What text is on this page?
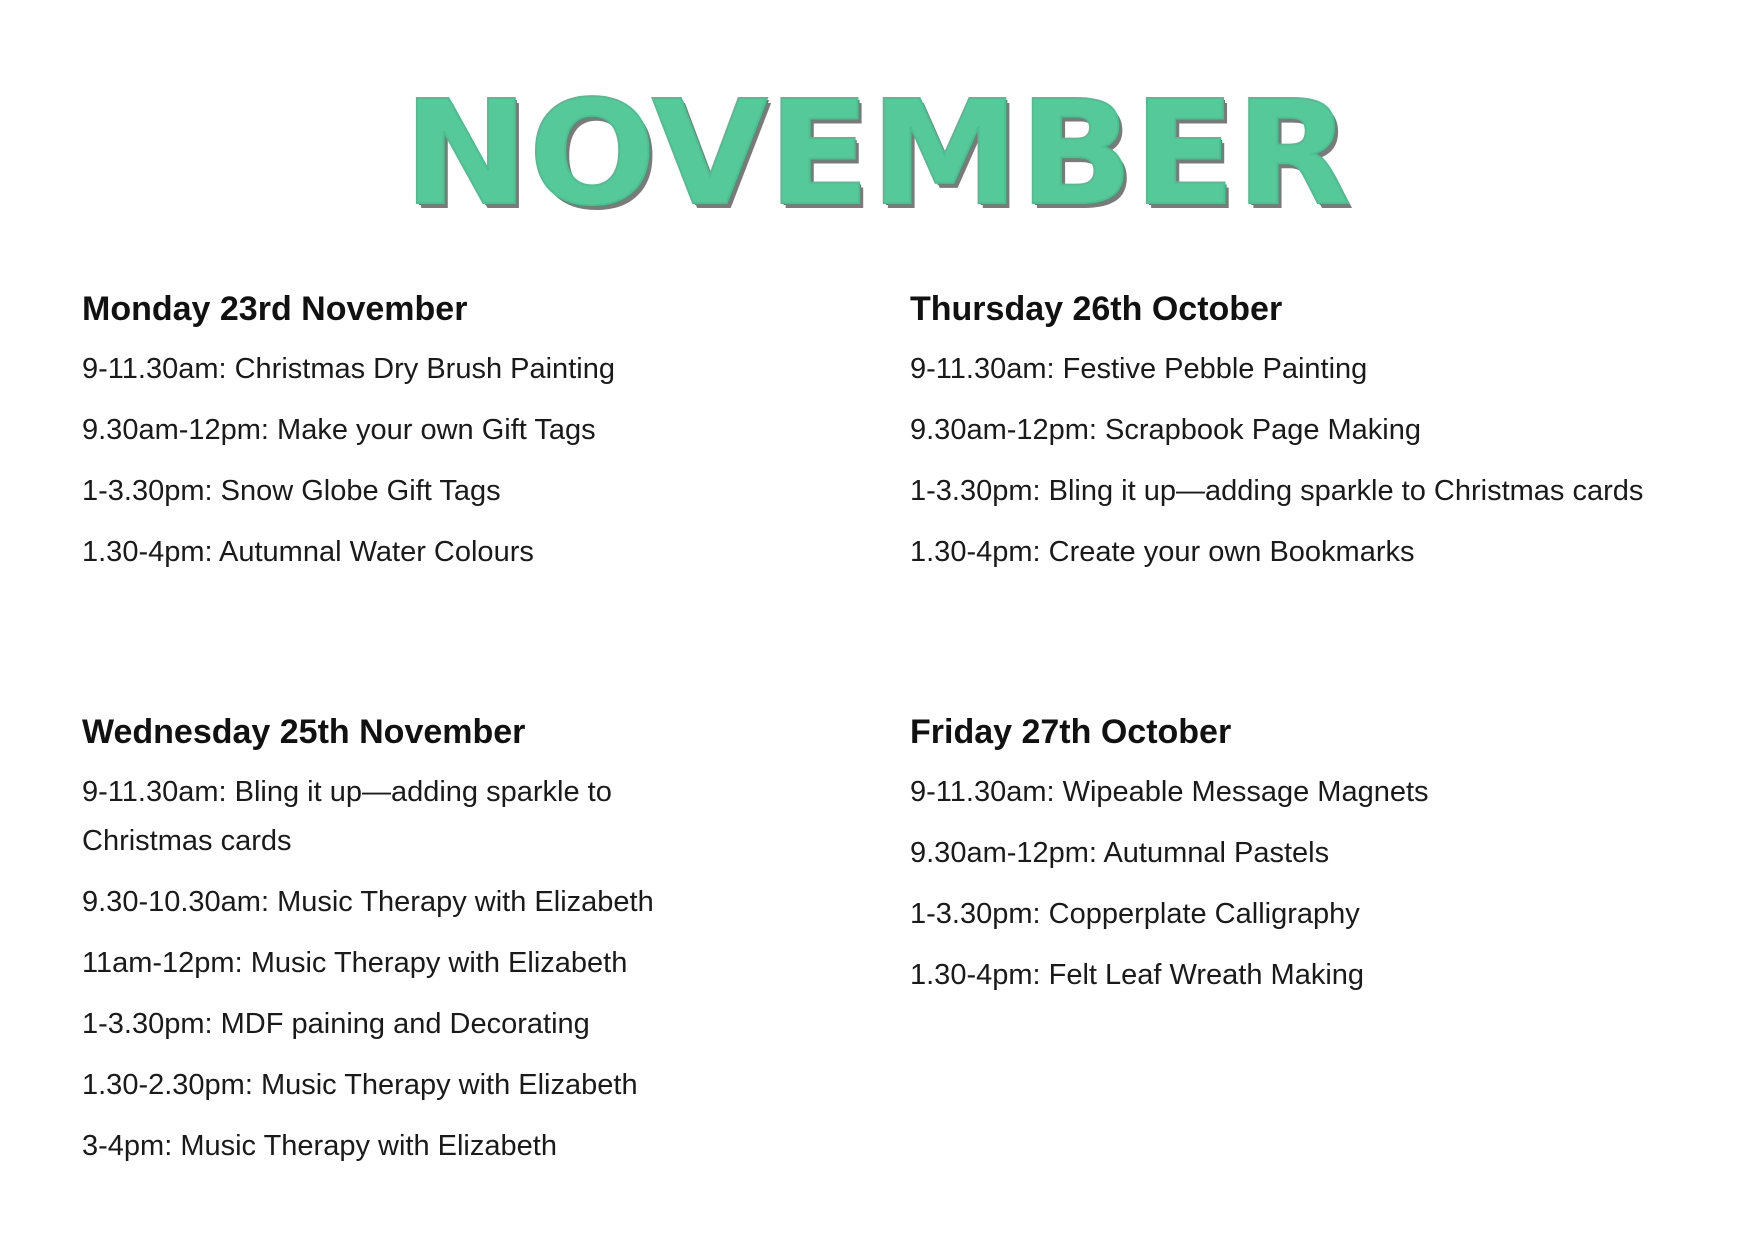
NOVEMBER
Monday 23rd November
9-11.30am: Christmas Dry Brush Painting
9.30am-12pm: Make your own Gift Tags
1-3.30pm: Snow Globe Gift Tags
1.30-4pm: Autumnal Water Colours
Thursday 26th October
9-11.30am: Festive Pebble Painting
9.30am-12pm: Scrapbook Page Making
1-3.30pm: Bling it up—adding sparkle to Christmas cards
1.30-4pm: Create your own Bookmarks
Wednesday 25th November
9-11.30am: Bling it up—adding sparkle to Christmas cards
9.30-10.30am: Music Therapy with Elizabeth
11am-12pm: Music Therapy with Elizabeth
1-3.30pm: MDF paining and Decorating
1.30-2.30pm: Music Therapy with Elizabeth
3-4pm: Music Therapy with Elizabeth
Friday 27th October
9-11.30am: Wipeable Message Magnets
9.30am-12pm: Autumnal Pastels
1-3.30pm: Copperplate Calligraphy
1.30-4pm: Felt Leaf Wreath Making
